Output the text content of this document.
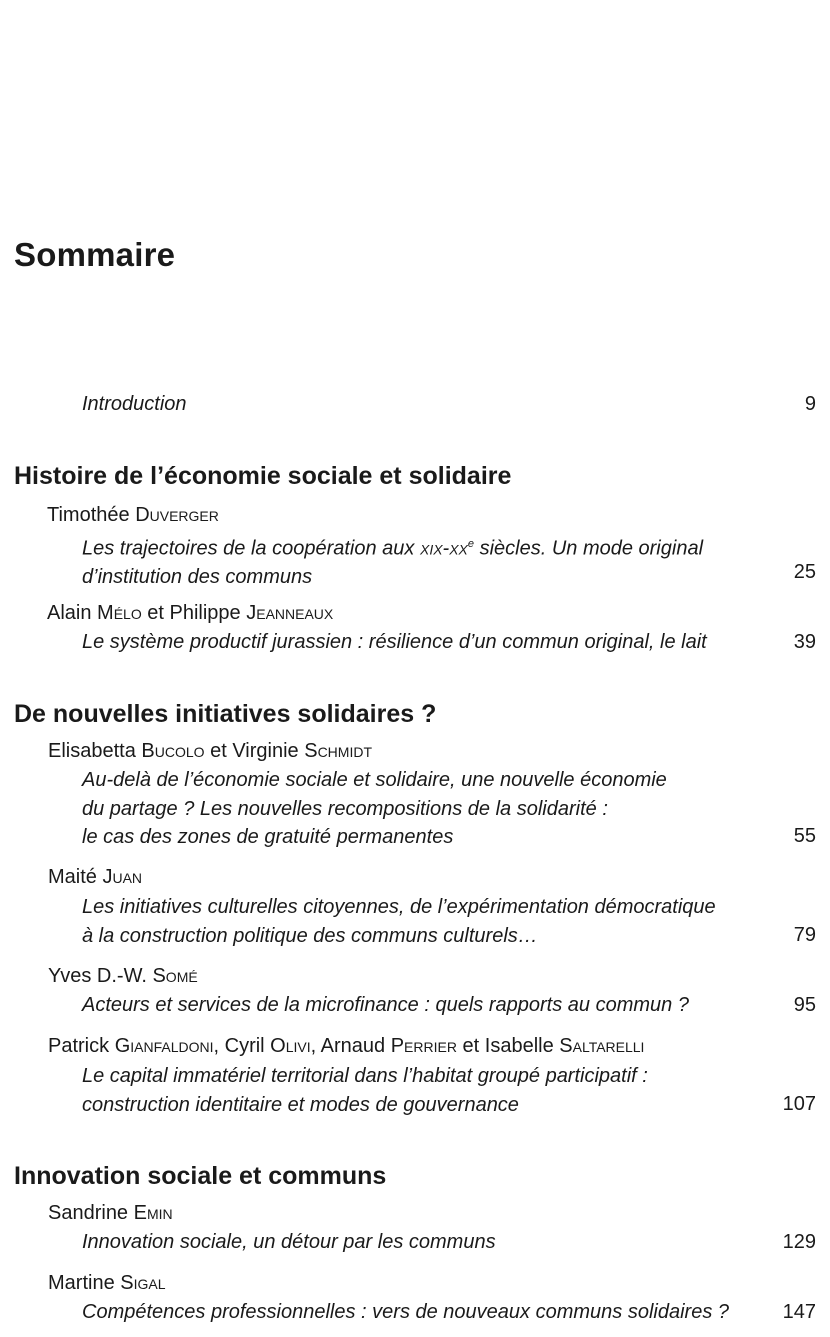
Sommaire
Introduction	9
Histoire de l’économie sociale et solidaire
Timothée Duverger
Les trajectoires de la coopération aux xix-$xx^e$ siècles. Un mode original
d’institution des communs	25
Alain Mélo et Philippe Jeanneaux
Le système productif jurassien : résilience d’un commun original, le lait	39
De nouvelles initiatives solidaires ?
Elisabetta Bucolo et Virginie Schmidt
Au-delà de l’économie sociale et solidaire, une nouvelle économie
du partage ? Les nouvelles recompositions de la solidarité :
le cas des zones de gratuité permanentes	55
Maité Juan
Les initiatives culturelles citoyennes, de l’expérimentation démocratique
à la construction politique des communs culturels…	79
Yves D.-W. Somé
Acteurs et services de la microfinance : quels rapports au commun ?	95
Patrick Gianfaldoni, Cyril Olivi, Arnaud Perrier et Isabelle Saltarelli
Le capital immatériel territorial dans l’habitat groupé participatif :
construction identitaire et modes de gouvernance	107
Innovation sociale et communs
Sandrine Emin
Innovation sociale, un détour par les communs	129
Martine Sigal
Compétences professionnelles : vers de nouveaux communs solidaires ?	147
